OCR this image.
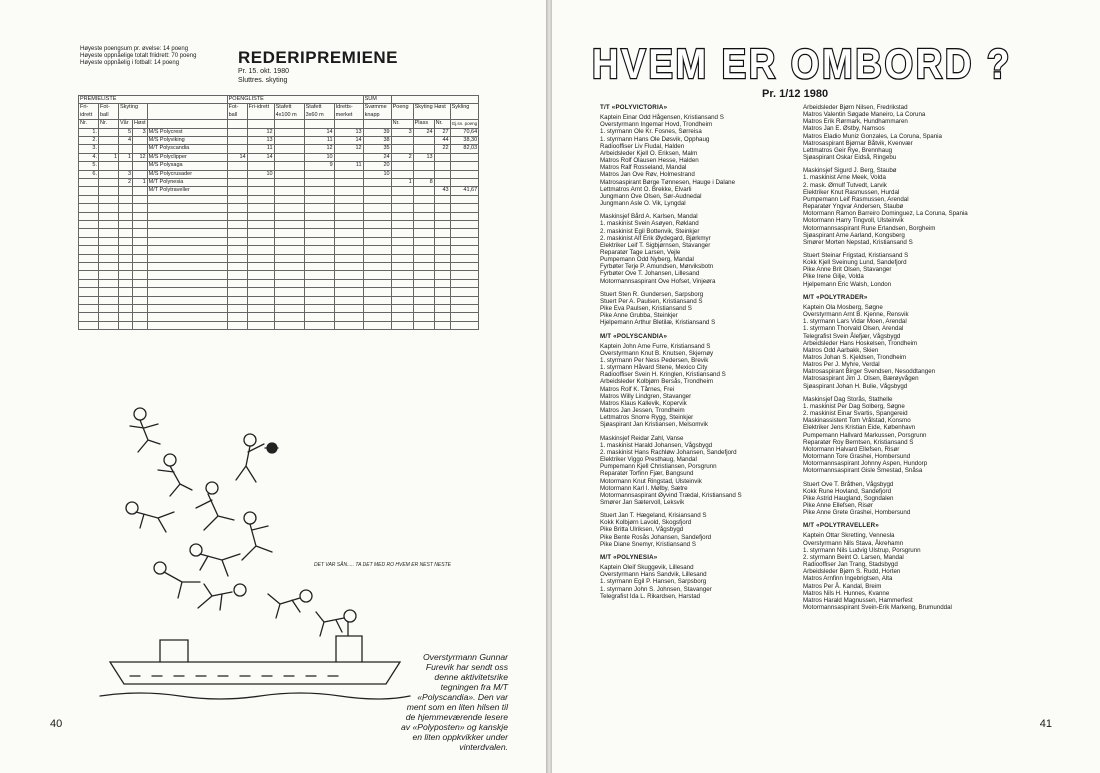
Høyeste poengsum pr. øvelse: 14 poeng
Høyeste oppnåelige totalt friidrett: 70 poeng
Høyeste oppnåelig i fotball: 14 poeng	REDERIPREMIENE
Pr. 15. okt. 1980
Sluttres. skyting
PREMIELISTE					POENGLISTE					SUM				
Fri-idrett	Fot-ball	Skyting			Fot-ball	Fri-idrett	Stafett 4x100 m	Stafett 3x60 m	Idretts-merket	Svømme knapp	Poeng	Skyting Høst		Sykling
Nr.	Nr.	Vår	Høst								Nr.	Plass	Nr.	Gj.sn. poeng
1.		5	3	M/S Polycrest		12		14	13	39	3	24	27	70,64
2.		4		M/S Polyviking		13		11	14	38			44	38,30
3.				M/T Polyscandia		11		12	12	35			22	82,03
4.	1	1	12	M/S Polyclipper	14	14		10		24	2	13		
5.				M/S Polysaga				9	11	20				
6.		3		M/S Polycrusader		10				10				
		2	1	M/T Polynesia							1	8		
				M/T Polytraveller									43	41,67

DET VAR SÅN..... TA DET MED RO HVEM ER NEST NESTE
Overstyrmann Gunnar Furevik har sendt oss denne aktivitetsrike tegningen fra M/T «Polyscandia». Den var ment som en liten hilsen til de hjemmeværende lesere av «Polyposten» og kanskje en liten oppkvikker under vinterdvalen.
40
HVEM ER OMBORD ?
Pr. 1/12 1980
T/T «POLYVICTORIA»
Kaptein Einar Odd Hågensen, Kristiansand S
Overstyrmann Ingemar Hovd, Trondheim
1. styrmann Ole Kr. Fosnes, Sørreisa
1. styrmann Hans Ole Døsvik, Opphaug
Radiooffiser Liv Fludal, Halden
Arbeidsleder Kjell O. Eriksen, Malm
Matros Rolf Olausen Hesse, Halden
Matros Ralf Rosseland, Mandal
Matros Jan Ove Røv, Holmestrand
Matrosaspirant Børge Tønnesen, Hauge i Dalane
Lettmatros Arnt O. Brekke, Elvarli
Jungmann Ove Olsen, Sør-Audnedal
Jungmann Asle O. Vik, Lyngdal
Maskinsjef Bård A. Karlsen, Mandal
1. maskinist Svein Asøyen, Røkland
2. maskinist Egil Bottenvik, Steinkjer
2. maskinist Alf Erik Øydegard, Bjørkmyr
Elektriker Leif T. Sigbjørnsen, Stavanger
Reparatør Tage Larsen, Vejle
Pumpemann Odd Nyberg, Mandal
Fyrbøter Terje P. Amundsen, Mørviksbotn
Fyrbøter Ove T. Johansen, Lillesand
Motormannsaspirant Ove Hofset, Vinjeøra
Stuert Sten R. Gundersen, Sarpsborg
Stuert Per A. Paulsen, Kristiansand S
Pike Eva Paulsen, Kristiansand S
Pike Anne Grubba, Steinkjer
Hjelpemann Arthur Bletilæ, Kristiansand S
M/T «POLYSCANDIA»
Kaptein John Arne Furre, Kristiansand S
Overstyrmann Knut B. Knutsen, Skjernøy
1. styrmann Per Ness Pedersen, Brevik
1. styrmann Håvard Stene, Mexico City
Radiooffiser Svein H. Kringlen, Kristiansand S
Arbeidsleder Kolbjørn Bersås, Trondheim
Matros Rolf K. Tårnes, Frei
Matros Willy Lindgren, Stavanger
Matros Klaus Kallevik, Kopervik
Matros Jan Jessen, Trondheim
Lettmatros Snorre Rygg, Steinkjer
Sjøaspirant Jan Kristiansen, Melsomvik
Maskinsjef Reidar Zahl, Vanse
1. maskinist Harald Johansen, Vågsbygd
2. maskinist Hans Rachløw Johansen, Sandefjord
Elektriker Viggo Presthaug, Mandal
Pumpemann Kjell Christiansen, Porsgrunn
Reparatør Torfinn Fjær, Bangsund
Motormann Knut Ringstad, Ulsteinvik
Motormann Karl I. Mølby, Sætre
Motormannsaspirant Øyvind Trædal, Kristiansand S
Smører Jan Sætervoll, Leksvik
Stuert Jan T. Hægeland, Krisiansand S
Kokk Kolbjørn Lavold, Skogsfjord
Pike Britta Ulriksen, Vågsbygd
Pike Bente Rosås Johansen, Sandefjord
Pike Diane Snemyr, Kristiansand S
M/T «POLYNESIA»
Kaptein Oleif Skuggevik, Lillesand
Overstyrmann Hans Sandvik, Lillesand
1. styrmann Egil P. Hansen, Sarpsborg
1. styrmann John S. Johnsen, Stavanger
Telegrafist Ida L. Rikardsen, Harstad
Arbeidsleder Bjørn Nilsen, Fredrikstad
Matros Valentin Søgade Maneiro, La Coruna
Matros Erik Rørmark, Hundhammaren
Matros Jan E. Østby, Namsos
Matros Eladio Muniz Gonzales, La Coruna, Spania
Matrosaspirant Bjørnar Båtvik, Kvenvær
Lettmatros Geir Rye, Brennhaug
Sjøaspirant Oskar Eidså, Ringebu
Maskinsjef Sigurd J. Berg, Staubø
1. maskinist Arne Meek, Volda
2. mask. Ørnulf Tutvedt, Larvik
Elektriker Knut Rasmussen, Hurdal
Pumpemann Leif Rasmussen, Arendal
Reparatør Yngvar Andersen, Staubø
Motormann Ramon Barreiro Dominguez, La Coruna, Spania
Motormann Harry Tingvoll, Ulsteinvik
Motormannsaspirant Rune Erlandsen, Borgheim
Sjøaspirant Arne Aarland, Kongsberg
Smører Morten Nepstad, Kristiansand S
Stuert Steinar Frigstad, Kristiansand S
Kokk Kjell Sveinung Lund, Sandefjord
Pike Anne Brit Olsen, Stavanger
Pike Irene Gilje, Volda
Hjelpemann Eric Walsh, London
M/T «POLYTRADER»
Kaptein Ola Mosberg, Søgne
Overstyrmann Arnt B. Kjenne, Rensvik
1. styrmann Lars Vidar Moen, Arendal
1. styrmann Thorvald Olsen, Arendal
Telegrafist Svein Ålefjær, Vågsbygd
Arbeidsleder Hans Hoskelsen, Trondheim
Matros Odd Aarbakk, Skien
Matros Johan S. Kjeldsen, Trondheim
Matros Per J. Myhre, Verdal
Matrosaspirant Birger Svendsen, Nesoddtangen
Matrosaspirant Jim J. Olsen, Bærøyvågen
Sjøaspirant Johan H. Bulie, Vågsbygd
Maskinsjef Dag Storås, Stathelle
1. maskinist Per Dag Solberg, Søgne
2. maskinist Einar Svartis, Spangereid
Maskinassistent Tom Vrålstad, Konsmo
Elektriker Jens Kristian Eide, København
Pumpemann Hallvard Markussen, Porsgrunn
Reparatør Roy Berntsen, Kristiansand S
Motormann Halvard Ellefsen, Risør
Motormann Tore Grashei, Hombersund
Motormannsaspirant Johnny Aspen, Hundorp
Motormannsaspirant Gisle Smestad, Snåsa
Stuert Ove T. Bråthen, Vågsbygd
Kokk Rune Hovland, Sandefjord
Pike Astrid Haugland, Sogndalen
Pike Anne Ellefsen, Risør
Pike Anne Grete Grashei, Hombersund
M/T «POLYTRAVELLER»
Kaptein Ottar Skretting, Vennesla
Overstyrmann Nils Stava, Åkrehamn
1. styrmann Nils Ludvig Ulstrup, Porsgrunn
2. styrmann Beint O. Larsen, Mandal
Radiooffiser Jan Trang, Stadsbygd
Arbeidsleder Bjørn S. Rudd, Horten
Matros Arnfinn Ingebrigtsen, Alta
Matros Per Å. Kandal, Breim
Matros Nils H. Hunnes, Kvanne
Matros Harald Magnussen, Hammerfest
Motormannsaspirant Svein-Erik Markeng, Brumunddal
41
